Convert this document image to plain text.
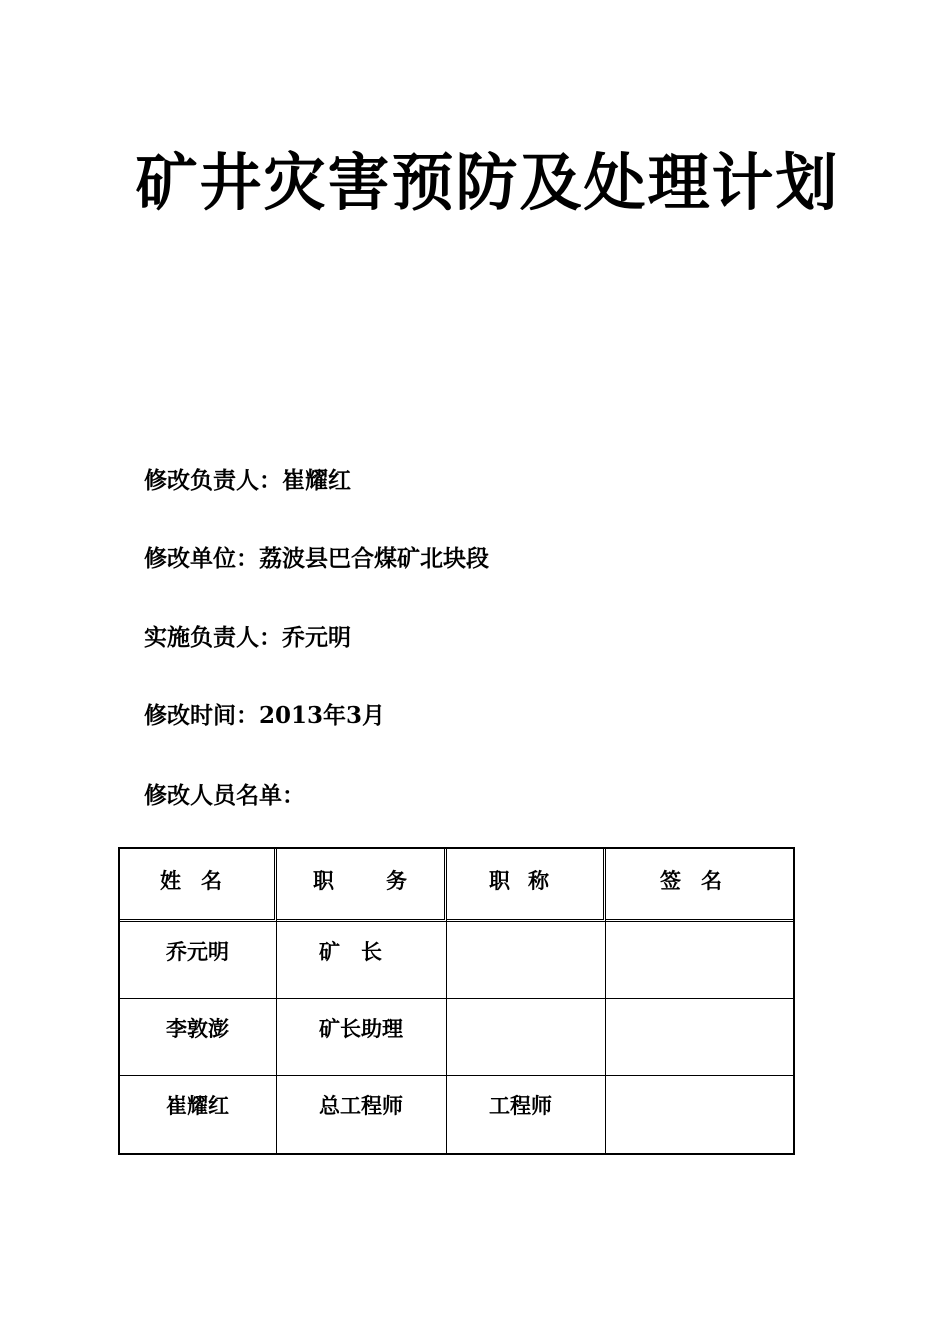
矿井灾害预防及处理计划
修改负责人：崔耀红
修改单位：荔波县巴合煤矿北块段
实施负责人：乔元明
修改时间：2013年3月
修改人员名单：
姓名	职 务	职称	签名
乔元明	矿　长		
李敦澎	矿长助理		
崔耀红	总工程师	工程师	
